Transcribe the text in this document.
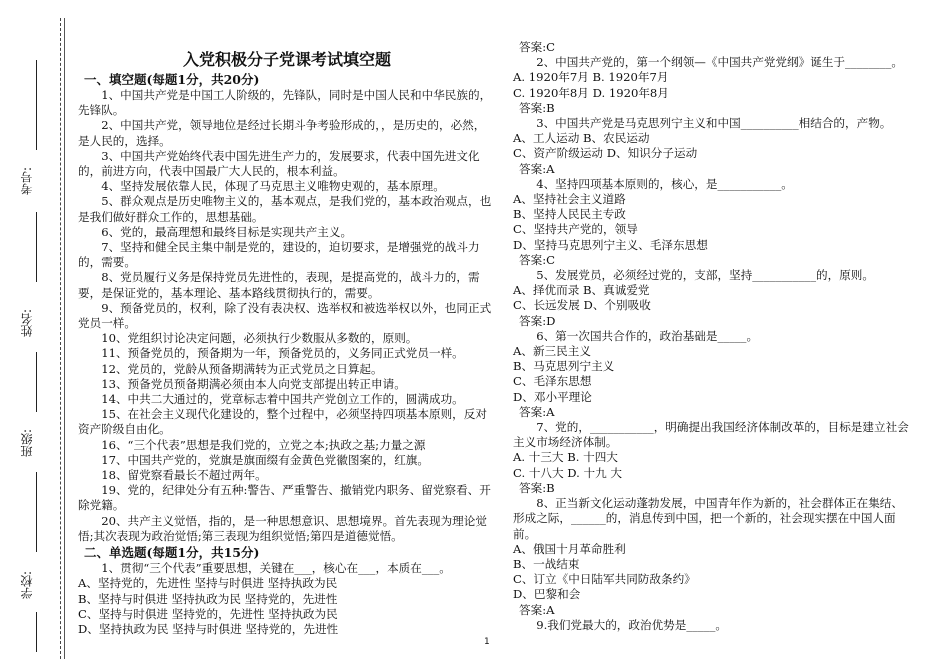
考号:
姓名:
班级:
学校:
入党积极分子党课考试填空题
一、填空题(每题1分，共20分)

1、中国共产党是中国工人阶级的，先锋队，同时是中国人民和中华民族的，先锋队。

2、中国共产党，领导地位是经过长期斗争考验形成的，，是历史的，必然，是人民的，选择。

3、中国共产党始终代表中国先进生产力的，发展要求，代表中国先进文化的，前进方向，代表中国最广大人民的，根本利益。

4、坚持发展依靠人民，体现了马克思主义唯物史观的，基本原理。

5、群众观点是历史唯物主义的，基本观点，是我们党的，基本政治观点，也是我们做好群众工作的，思想基础。

6、党的，最高理想和最终目标是实现共产主义。

7、坚持和健全民主集中制是党的，建设的，迫切要求，是增强党的战斗力的，需要。

8、党员履行义务是保持党员先进性的，表现，是提高党的，战斗力的，需要，是保证党的，基本理论、基本路线贯彻执行的，需要。

9、预备党员的，权利，除了没有表决权、选举权和被选举权以外，也同正式党员一样。

10、党组织讨论决定问题，必须执行少数服从多数的，原则。

11、预备党员的，预备期为一年，预备党员的，义务同正式党员一样。

12、党员的，党龄从预备期满转为正式党员之日算起。

13、预备党员预备期满必须由本人向党支部提出转正申请。

14、中共二大通过的，党章标志着中国共产党创立工作的，圆满成功。

15、在社会主义现代化建设的，整个过程中，必须坚持四项基本原则，反对资产阶级自由化。

16、“三个代表”思想是我们党的，立党之本;执政之基;力量之源

17、中国共产党的，党旗是旗面缀有金黄色党徽图案的，红旗。

18、留党察看最长不超过两年。

19、党的，纪律处分有五种:警告、严重警告、撤销党内职务、留党察看、开除党籍。

20、共产主义觉悟，指的，是一种思想意识、思想境界。首先表现为理论觉悟;其次表现为政治觉悟;第三表现为组织觉悟;第四是道德觉悟。

二、单选题(每题1分，共15分)

1、贯彻“三个代表”重要思想，关键在___，核心在___，本质在___。

A、坚持党的，先进性 坚持与时俱进 坚持执政为民

B、坚持与时俱进 坚持执政为民 坚持党的，先进性

C、坚持与时俱进 坚持党的，先进性 坚持执政为民

D、坚持执政为民 坚持与时俱进 坚持党的，先进性

答案:C

2、中国共产党的，第一个纲领—《中国共产党党纲》诞生于________。

A. 1920年7月 B. 1920年7月

C. 1920年8月 D. 1920年8月

答案:B

3、中国共产党是马克思列宁主义和中国__________相结合的，产物。

A、工人运动 B、农民运动

C、资产阶级运动 D、知识分子运动

答案:A

4、坚持四项基本原则的，核心，是___________。

A、坚持社会主义道路

B、坚持人民民主专政

C、坚持共产党的，领导

D、坚持马克思列宁主义、毛泽东思想

答案:C

5、发展党员，必须经过党的，支部，坚持___________的，原则。

A、择优而录 B、真诚爱党

C、长远发展 D、个别吸收

答案:D

6、第一次国共合作的，政治基础是_____。

A、新三民主义

B、马克思列宁主义

C、毛泽东思想

D、邓小平理论

答案:A

7、党的，___________，明确提出我国经济体制改革的，目标是建立社会主义市场经济体制。

A. 十三大 B. 十四大

C. 十八大 D. 十九 大

答案:B

8、正当新文化运动蓬勃发展，中国青年作为新的，社会群体正在集结、形成之际，______的，消息传到中国，把一个新的，社会现实摆在中国人面前。

A、俄国十月革命胜利

B、一战结束

C、订立《中日陆军共同防敌条约》

D、巴黎和会

答案:A

9.我们党最大的，政治优势是_____。

1
